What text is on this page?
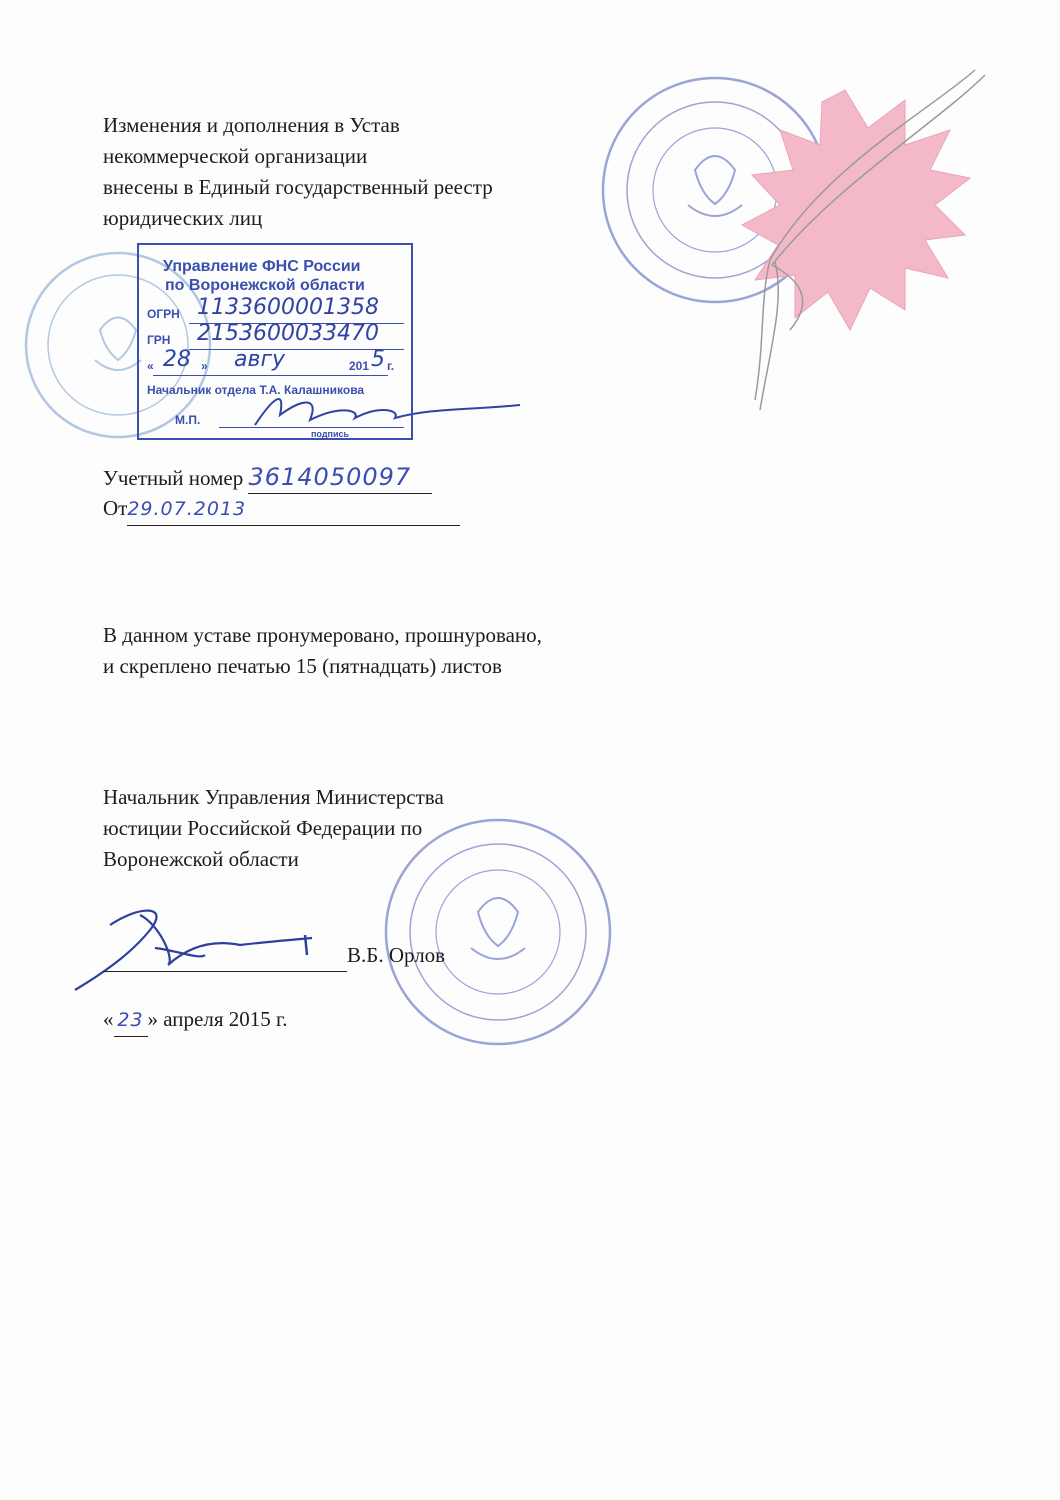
Изменения и дополнения в Устав

некоммерческой организации

внесены в Единый государственный реестр

юридических лиц

Управление ФНС России
по Воронежской области
ОГРН 1133600001358
ГРН 2153600033470
« 28 » авгу	201 5 г.
Начальник отдела Т.А. Калашникова
М.П.
подпись
Учетный номер 3614050097
От29.07.2013

В данном уставе пронумеровано, прошнуровано,

и скреплено печатью 15 (пятнадцать) листов

Начальник Управления Министерства

юстиции Российской Федерации по

Воронежской области

В.Б. Орлов
« 23 » апреля 2015 г.
